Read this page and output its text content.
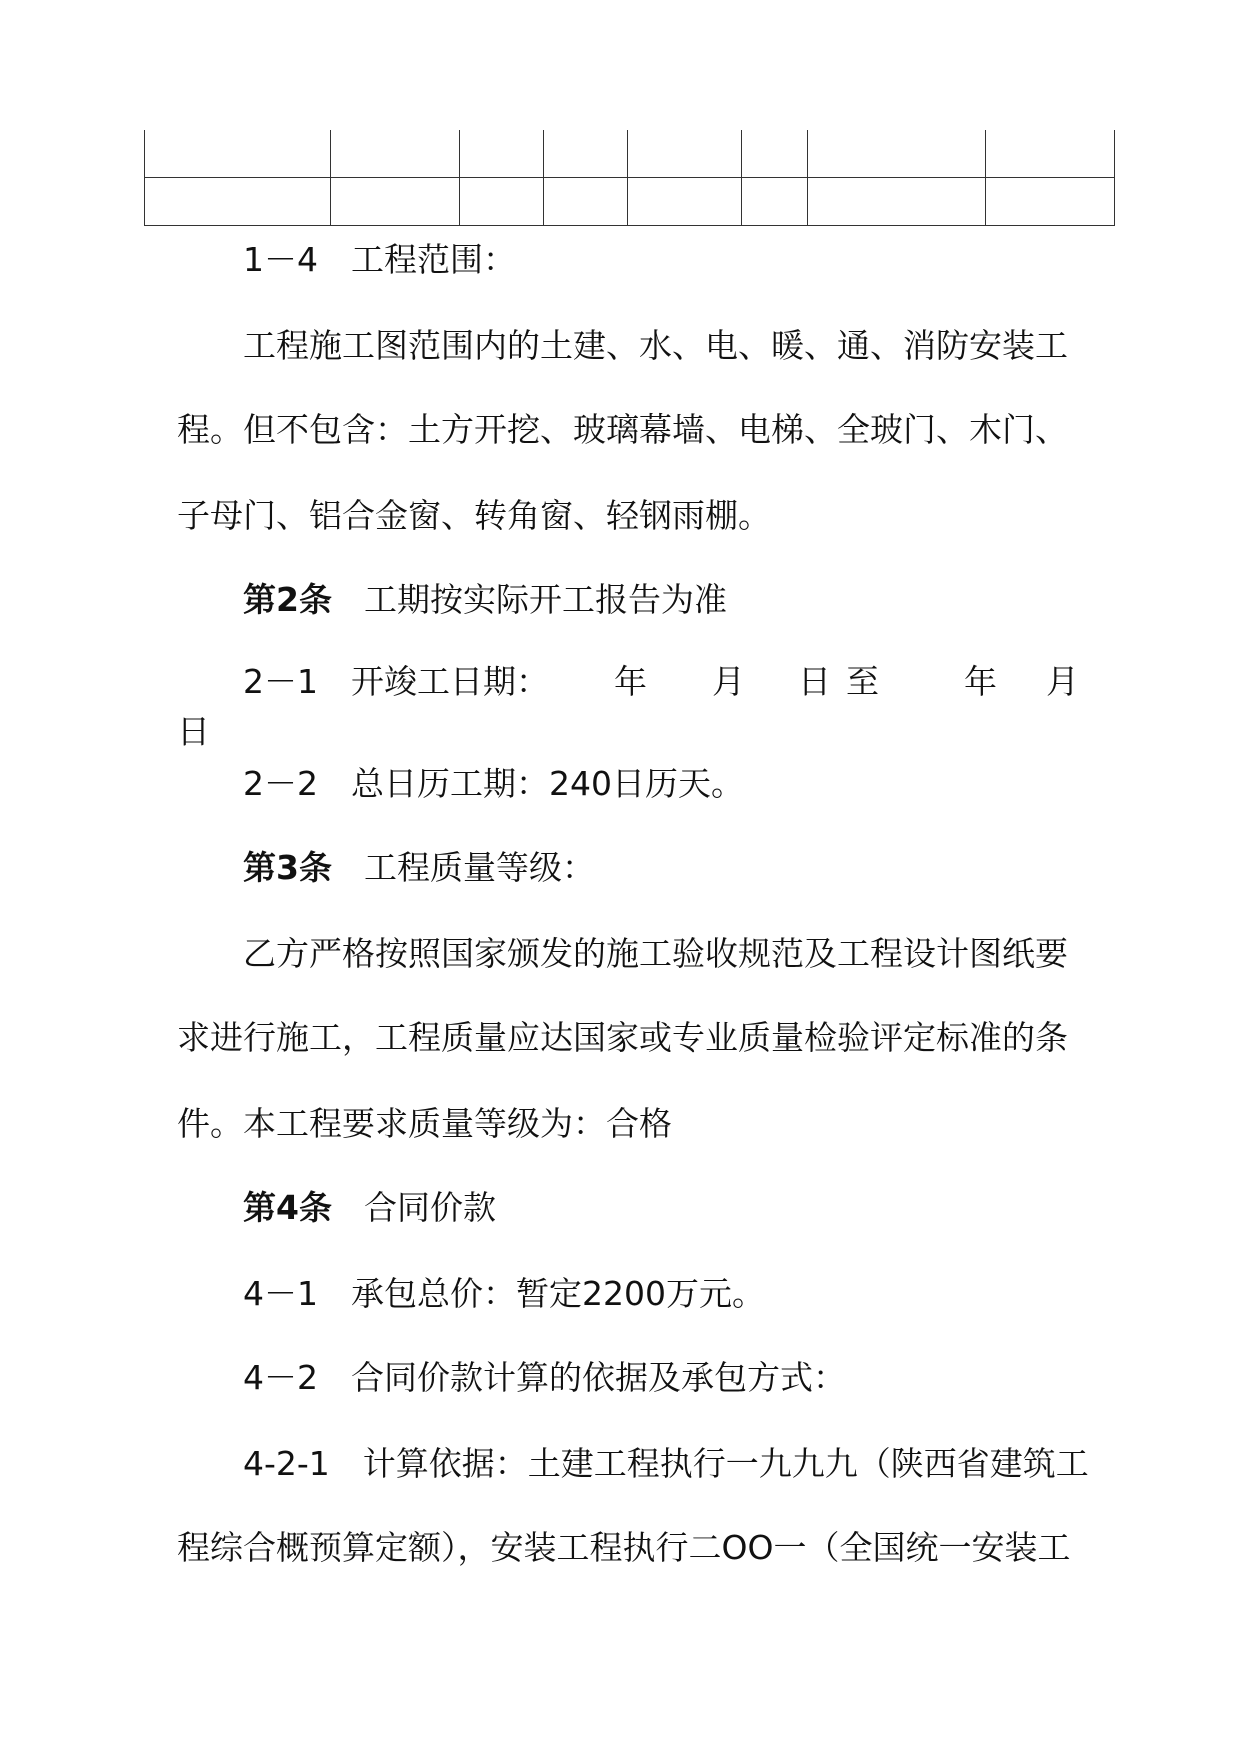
1－4　工程范围：
工程施工图范围内的土建、水、电、暖、通、消防安装工
程。但不包含：土方开挖、玻璃幕墙、电梯、全玻门、木门、
子母门、铝合金窗、转角窗、轻钢雨棚。
第2条 工期按实际开工报告为准
2－1　开竣工日期： 年 月 日 至	年 月
日
2－2　总日历工期：240日历天。
第3条 工程质量等级：
乙方严格按照国家颁发的施工验收规范及工程设计图纸要
求进行施工，工程质量应达国家或专业质量检验评定标准的条
件。本工程要求质量等级为：合格
第4条 合同价款
4－1　承包总价：暂定2200万元。
4－2　合同价款计算的依据及承包方式：
4-2-1　计算依据：土建工程执行一九九九（陕西省建筑工
程综合概预算定额），安装工程执行二OO一（全国统一安装工
